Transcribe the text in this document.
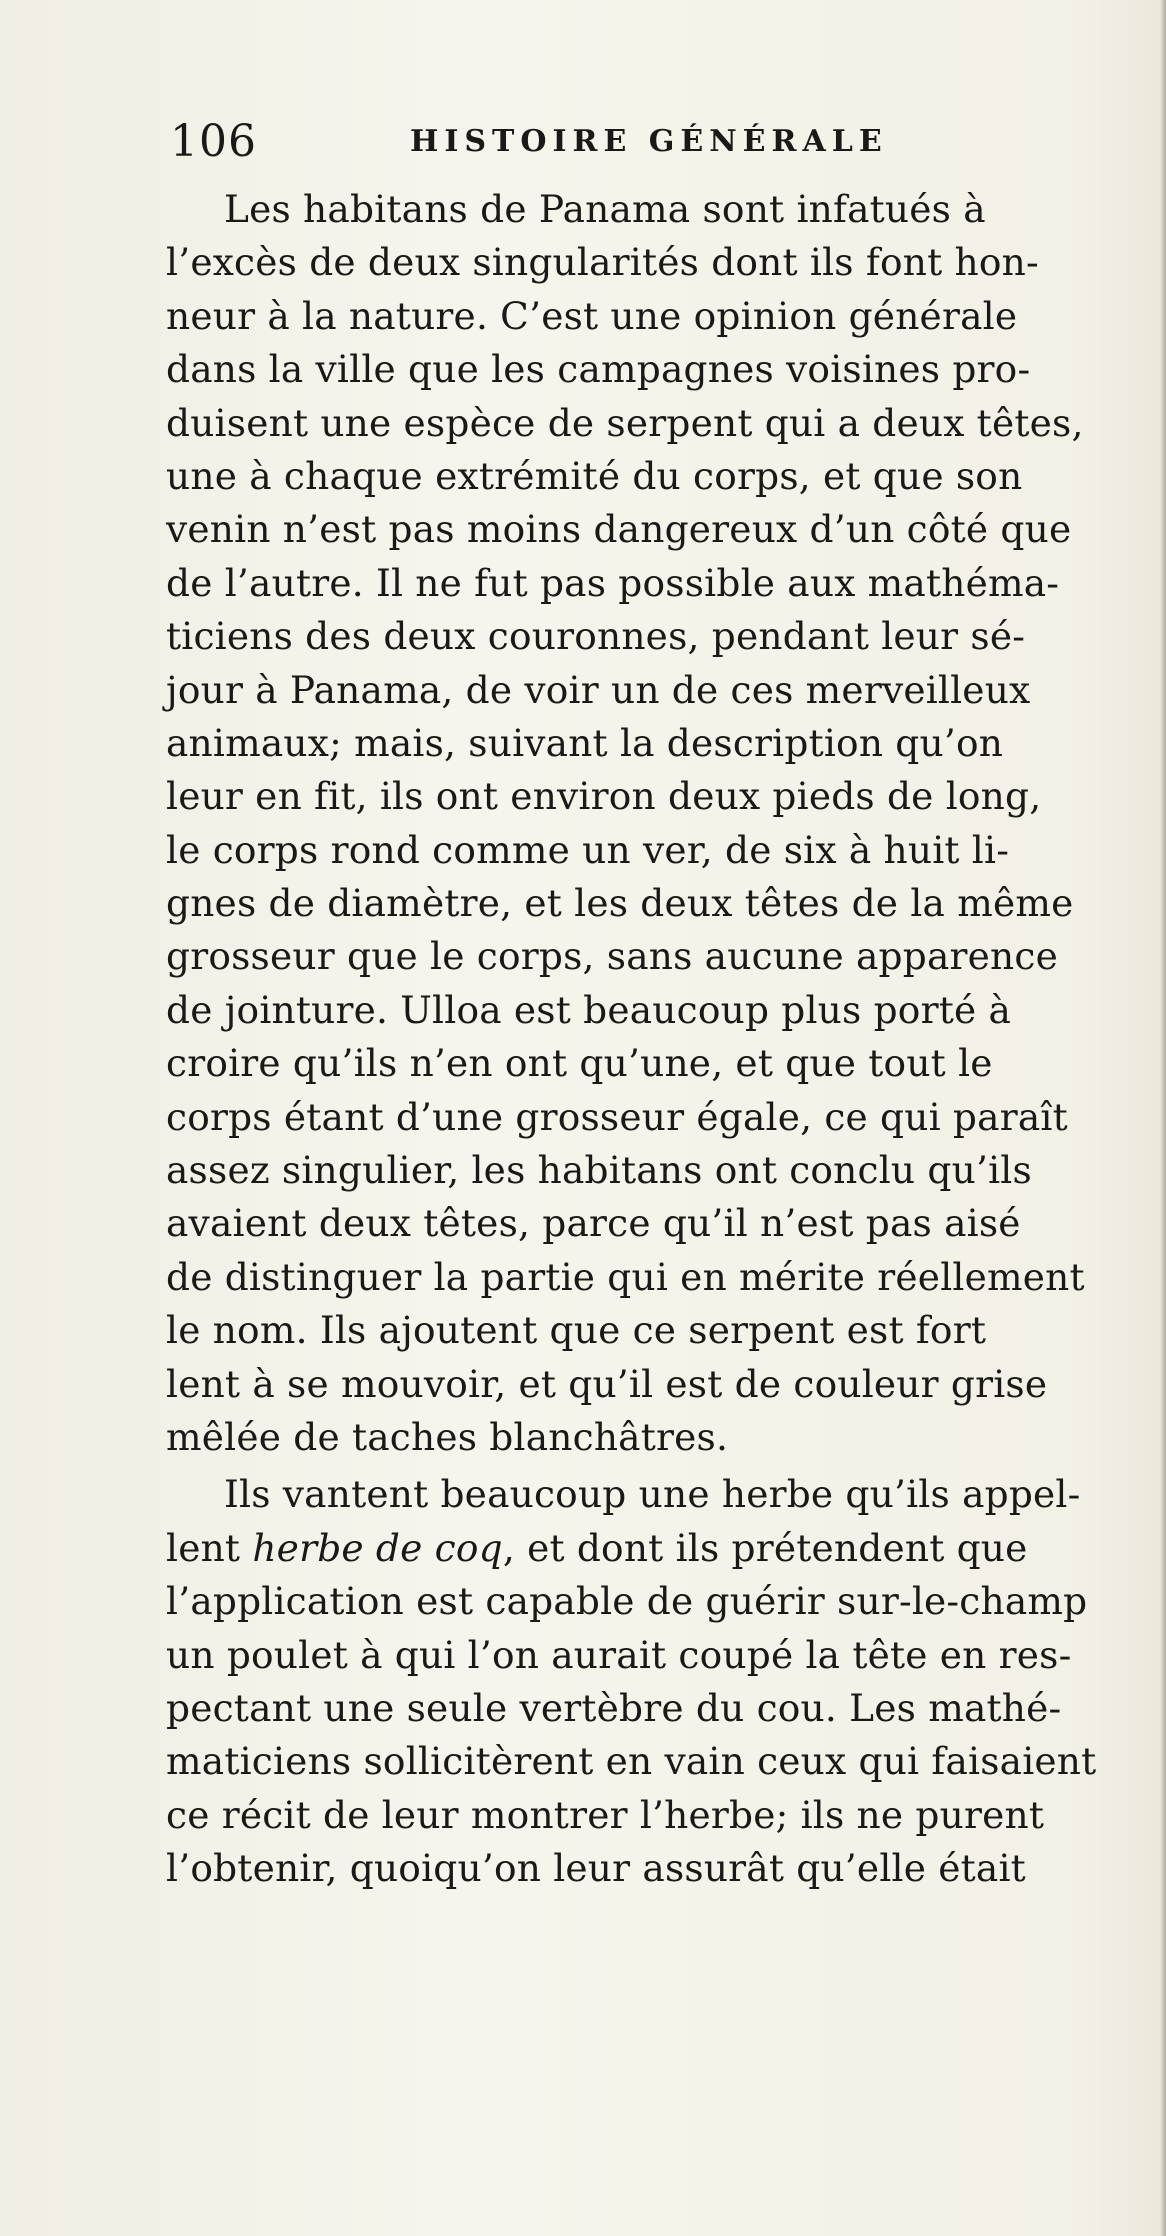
106	HISTOIRE GÉNÉRALE
Les habitans de Panama sont infatués à
l’excès de deux singularités dont ils font hon-
neur à la nature. C’est une opinion générale
dans la ville que les campagnes voisines pro-
duisent une espèce de serpent qui a deux têtes,
une à chaque extrémité du corps, et que son
venin n’est pas moins dangereux d’un côté que
de l’autre. Il ne fut pas possible aux mathéma-
ticiens des deux couronnes, pendant leur sé-
jour à Panama, de voir un de ces merveilleux
animaux; mais, suivant la description qu’on
leur en fit, ils ont environ deux pieds de long,
le corps rond comme un ver, de six à huit li-
gnes de diamètre, et les deux têtes de la même
grosseur que le corps, sans aucune apparence
de jointure. Ulloa est beaucoup plus porté à
croire qu’ils n’en ont qu’une, et que tout le
corps étant d’une grosseur égale, ce qui paraît
assez singulier, les habitans ont conclu qu’ils
avaient deux têtes, parce qu’il n’est pas aisé
de distinguer la partie qui en mérite réellement
le nom. Ils ajoutent que ce serpent est fort
lent à se mouvoir, et qu’il est de couleur grise
mêlée de taches blanchâtres.
Ils vantent beaucoup une herbe qu’ils appel-
lent herbe de coq, et dont ils prétendent que
l’application est capable de guérir sur-le-champ
un poulet à qui l’on aurait coupé la tête en res-
pectant une seule vertèbre du cou. Les mathé-
maticiens sollicitèrent en vain ceux qui faisaient
ce récit de leur montrer l’herbe; ils ne purent
l’obtenir, quoiqu’on leur assurât qu’elle était
